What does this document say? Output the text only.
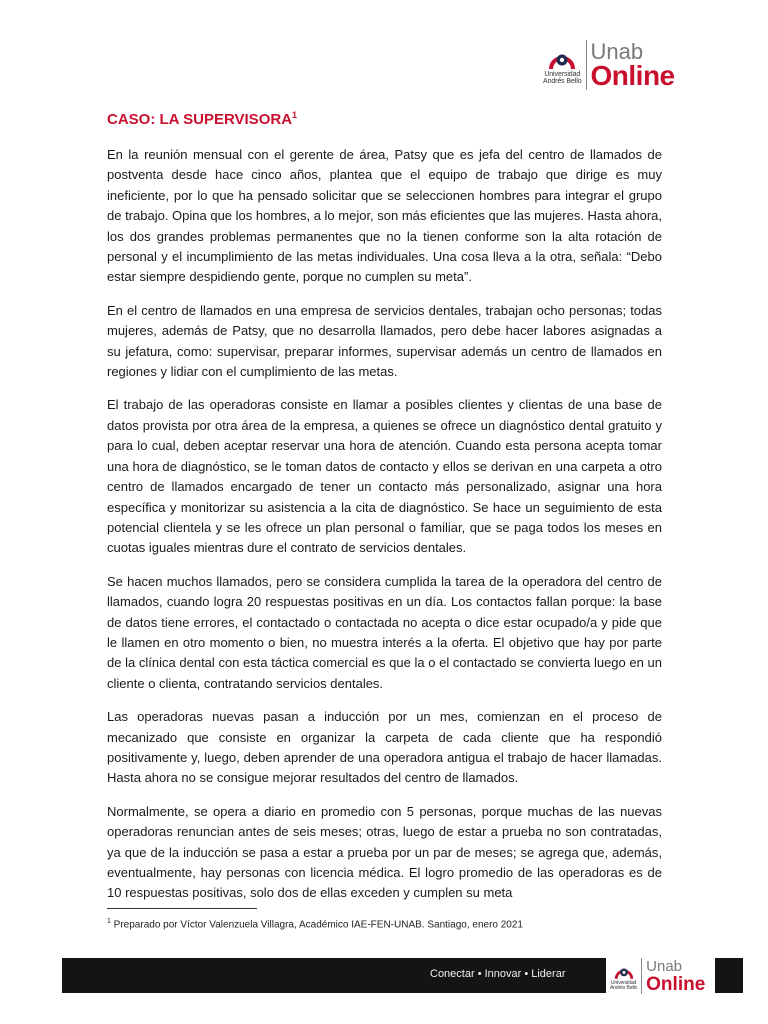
Universidad
Andrés Bello
Unab
Online
CASO: LA SUPERVISORA$^1$

En la reunión mensual con el gerente de área, Patsy que es jefa del centro de llamados de postventa desde hace cinco años, plantea que el equipo de trabajo que dirige es muy ineficiente, por lo que ha pensado solicitar que se seleccionen hombres para integrar el grupo de trabajo. Opina que los hombres, a lo mejor, son más eficientes que las mujeres. Hasta ahora, los dos grandes problemas permanentes que no la tienen conforme son la alta rotación de personal y el incumplimiento de las metas individuales. Una cosa lleva a la otra, señala: “Debo estar siempre despidiendo gente, porque no cumplen su meta”.

En el centro de llamados en una empresa de servicios dentales, trabajan ocho personas; todas mujeres, además de Patsy, que no desarrolla llamados, pero debe hacer labores asignadas a su jefatura, como: supervisar, preparar informes, supervisar además un centro de llamados en regiones y lidiar con el cumplimiento de las metas.

El trabajo de las operadoras consiste en llamar a posibles clientes y clientas de una base de datos provista por otra área de la empresa, a quienes se ofrece un diagnóstico dental gratuito y para lo cual, deben aceptar reservar una hora de atención. Cuando esta persona acepta tomar una hora de diagnóstico, se le toman datos de contacto y ellos se derivan en una carpeta a otro centro de llamados encargado de tener un contacto más personalizado, asignar una hora específica y monitorizar su asistencia a la cita de diagnóstico. Se hace un seguimiento de esta potencial clientela y se les ofrece un plan personal o familiar, que se paga todos los meses en cuotas iguales mientras dure el contrato de servicios dentales.

Se hacen muchos llamados, pero se considera cumplida la tarea de la operadora del centro de llamados, cuando logra 20 respuestas positivas en un día. Los contactos fallan porque: la base de datos tiene errores, el contactado o contactada no acepta o dice estar ocupado/a y pide que le llamen en otro momento o bien, no muestra interés a la oferta. El objetivo que hay por parte de la clínica dental con esta táctica comercial es que la o el contactado se convierta luego en un cliente o clienta, contratando servicios dentales.

Las operadoras nuevas pasan a inducción por un mes, comienzan en el proceso de mecanizado que consiste en organizar la carpeta de cada cliente que ha respondió positivamente y, luego, deben aprender de una operadora antigua el trabajo de hacer llamadas. Hasta ahora no se consigue mejorar resultados del centro de llamados.

Normalmente, se opera a diario en promedio con 5 personas, porque muchas de las nuevas operadoras renuncian antes de seis meses; otras, luego de estar a prueba no son contratadas, ya que de la inducción se pasa a estar a prueba por un par de meses; se agrega que, además, eventualmente, hay personas con licencia médica. El logro promedio de las operadoras es de 10 respuestas positivas, solo dos de ellas exceden y cumplen su meta

$^1$ Preparado por Víctor Valenzuela Villagra, Académico IAE-FEN-UNAB. Santiago, enero 2021
Conectar • Innovar • Liderar
Universidad
Andrés Bello
Unab
Online
